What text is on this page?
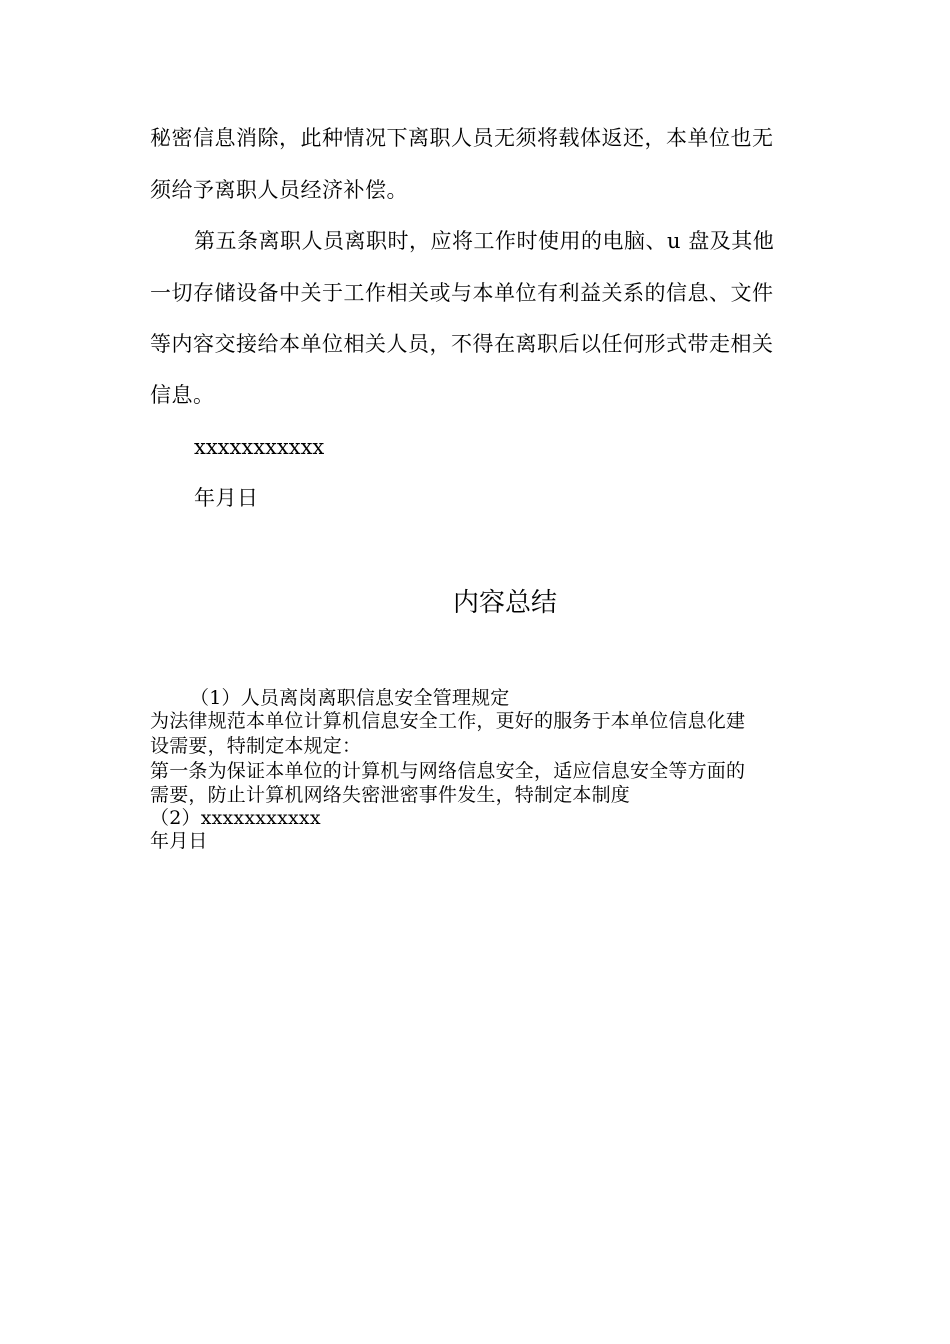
秘密信息消除，此种情况下离职人员无须将载体返还，本单位也无
须给予离职人员经济补偿。
第五条离职人员离职时，应将工作时使用的电脑、u 盘及其他
一切存储设备中关于工作相关或与本单位有利益关系的信息、文件
等内容交接给本单位相关人员，不得在离职后以任何形式带走相关
信息。
xxxxxxxxxxx
年月日
内容总结
（1）人员离岗离职信息安全管理规定
为法律规范本单位计算机信息安全工作，更好的服务于本单位信息化建
设需要，特制定本规定：
第一条为保证本单位的计算机与网络信息安全，适应信息安全等方面的
需要，防止计算机网络失密泄密事件发生，特制定本制度
（2）xxxxxxxxxxx
年月日
